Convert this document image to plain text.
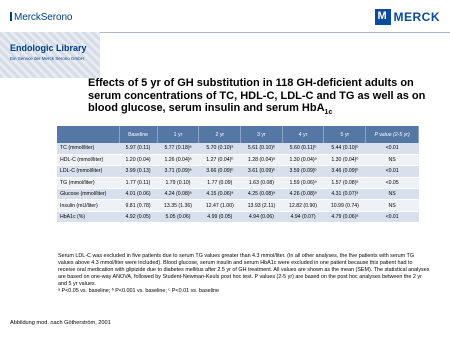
MerckSerono	M MERCK
Endologic Library
Ein Service der Merck Serono GmbH
Effects of 5 yr of GH substitution in 118 GH-deficient adults on
serum concentrations of TC, HDL-C, LDL-C and TG as well as on
blood glucose, serum insulin and serum HbA$_{1c}$
	Baseline	1 yr	2 yr	3 yr	4 yr	5 yr	P value (2-5 yr)
TC (mmol/liter)	5.97 (0.11)	5.77 (0.18)ᵃ	5.70 (0.10)ᵃ	5.61 (0.10)ᵇ	5.60 (0.11)ᵇ	5.44 (0.10)ᵇ	<0.01
HDL-C (mmol/liter)	1.20 (0.04)	1.26 (0.04)ᵃ	1.27 (0.04)ᵇ	1.28 (0.04)ᵃ	1.30 (0.04)ᵃ	1.30 (0.04)ᵇ	NS
LDL-C (mmol/liter)	3.99 (0.13)	3.71 (0.09)ᵃ	3.66 (0.09)ᵇ	3.61 (0.09)ᵇ	3.59 (0.09)ᵇ	3.46 (0.09)ᵇ	<0.01
TG (mmol/liter)	1.77 (0.11)	1.79 (0.10)	1.77 (0.09)	1.63 (0.08)	1.59 (0.06)ᵃ	1.57 (0.08)ᵃ	<0.05
Glucose (mmol/liter)	4.01 (0.06)	4.24 (0.08)ᵃ	4.15 (0.06)ᵃ	4.25 (0.08)ᵃ	4.26 (0.08)ᵃ	4.31 (0.07)ᵃ	NS
Insulin (mU/liter)	9.81 (0.78)	13.35 (1.36)	12.47 (1.00)	13.93 (2.11)	12.82 (0.90)	10.99 (0.74)	NS
HbA1c (%)	4.92 (0.05)	5.05 (0.06)	4.99 (0.05)	4.94 (0.06)	4.94 (0.07)	4.79 (0.06)ᵃ	<0.01

Serum LDL-C was excluded in five patients due to serum TG values greater than 4.3 mmol/liter. (In all other analyses, the five patients with serum TG values above 4.3 mmol/liter were included). Blood glucose, serum insulin and serum HbA1c were excluded in one patient because this patient had to receive oral medication with glipizide due to diabetes mellitus after 2.5 yr of GH treatment. All values are shown as the mean (SEM). The statistical analyses are based on one-way ANOVA, followed by Student-Newman-Keuls post hoc test. P values (2-5 yr) are based on the post hoc analyses between the 2 yr and 5 yr values.

ᵃ P<0.05 vs. baseline; ᵇ P<0.001 vs. baseline; ᶜ P<0.01 vs. baseline

Abbildung mod. nach Götherström, 2001
